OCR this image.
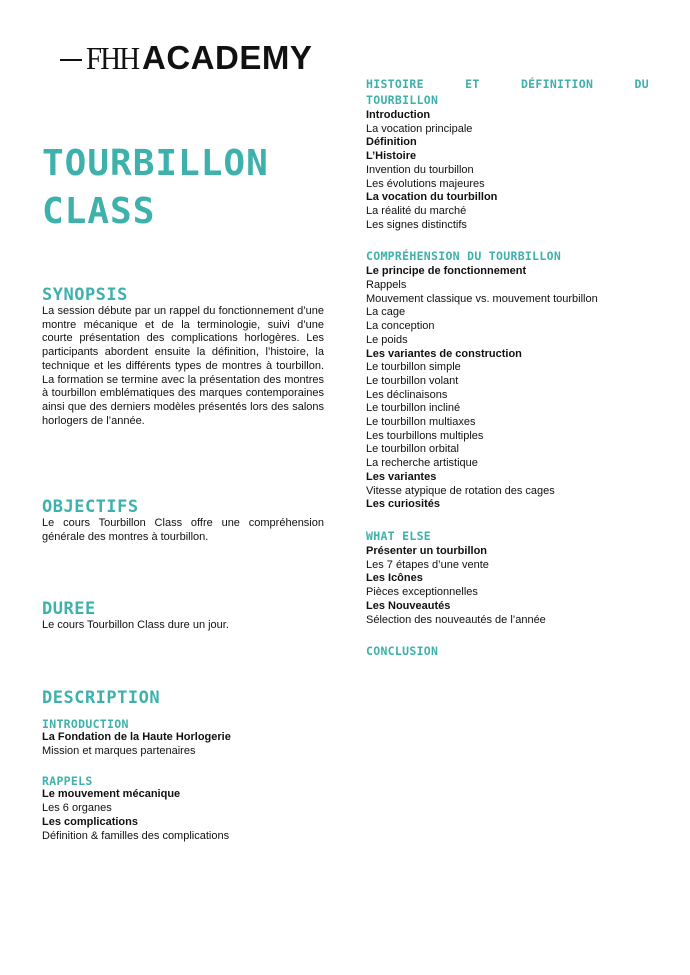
FHH ACADEMY
TOURBILLON
CLASS
SYNOPSIS

La session débute par un rappel du fonctionnement d’une montre mécanique et de la terminologie, suivi d’une courte présentation des complications horlogères. Les participants abordent ensuite la définition, l’histoire, la technique et les différents types de montres à tourbillon. La formation se termine avec la présentation des montres à tourbillon emblématiques des marques contemporaines ainsi que des derniers modèles présentés lors des salons horlogers de l’année.

OBJECTIFS

Le cours Tourbillon Class offre une compréhension générale des montres à tourbillon.

DUREE

Le cours Tourbillon Class dure un jour.

DESCRIPTION
INTRODUCTION
La Fondation de la Haute Horlogerie
Mission et marques partenaires
RAPPELS
Le mouvement mécanique
Les 6 organes
Les complications
Définition & familles des complications
HISTOIRE	ET	DÉFINITION	DU
TOURBILLON
Introduction
La vocation principale
Définition
L’Histoire
Invention du tourbillon
Les évolutions majeures
La vocation du tourbillon
La réalité du marché
Les signes distinctifs
COMPRÉHENSION DU TOURBILLON
Le principe de fonctionnement
Rappels
Mouvement classique vs. mouvement tourbillon
La cage
La conception
Le poids
Les variantes de construction
Le tourbillon simple
Le tourbillon volant
Les déclinaisons
Le tourbillon incliné
Le tourbillon multiaxes
Les tourbillons multiples
Le tourbillon orbital
La recherche artistique
Les variantes
Vitesse atypique de rotation des cages
Les curiosités
WHAT ELSE
Présenter un tourbillon
Les 7 étapes d’une vente
Les Icônes
Pièces exceptionnelles
Les Nouveautés
Sélection des nouveautés de l’année
CONCLUSION
